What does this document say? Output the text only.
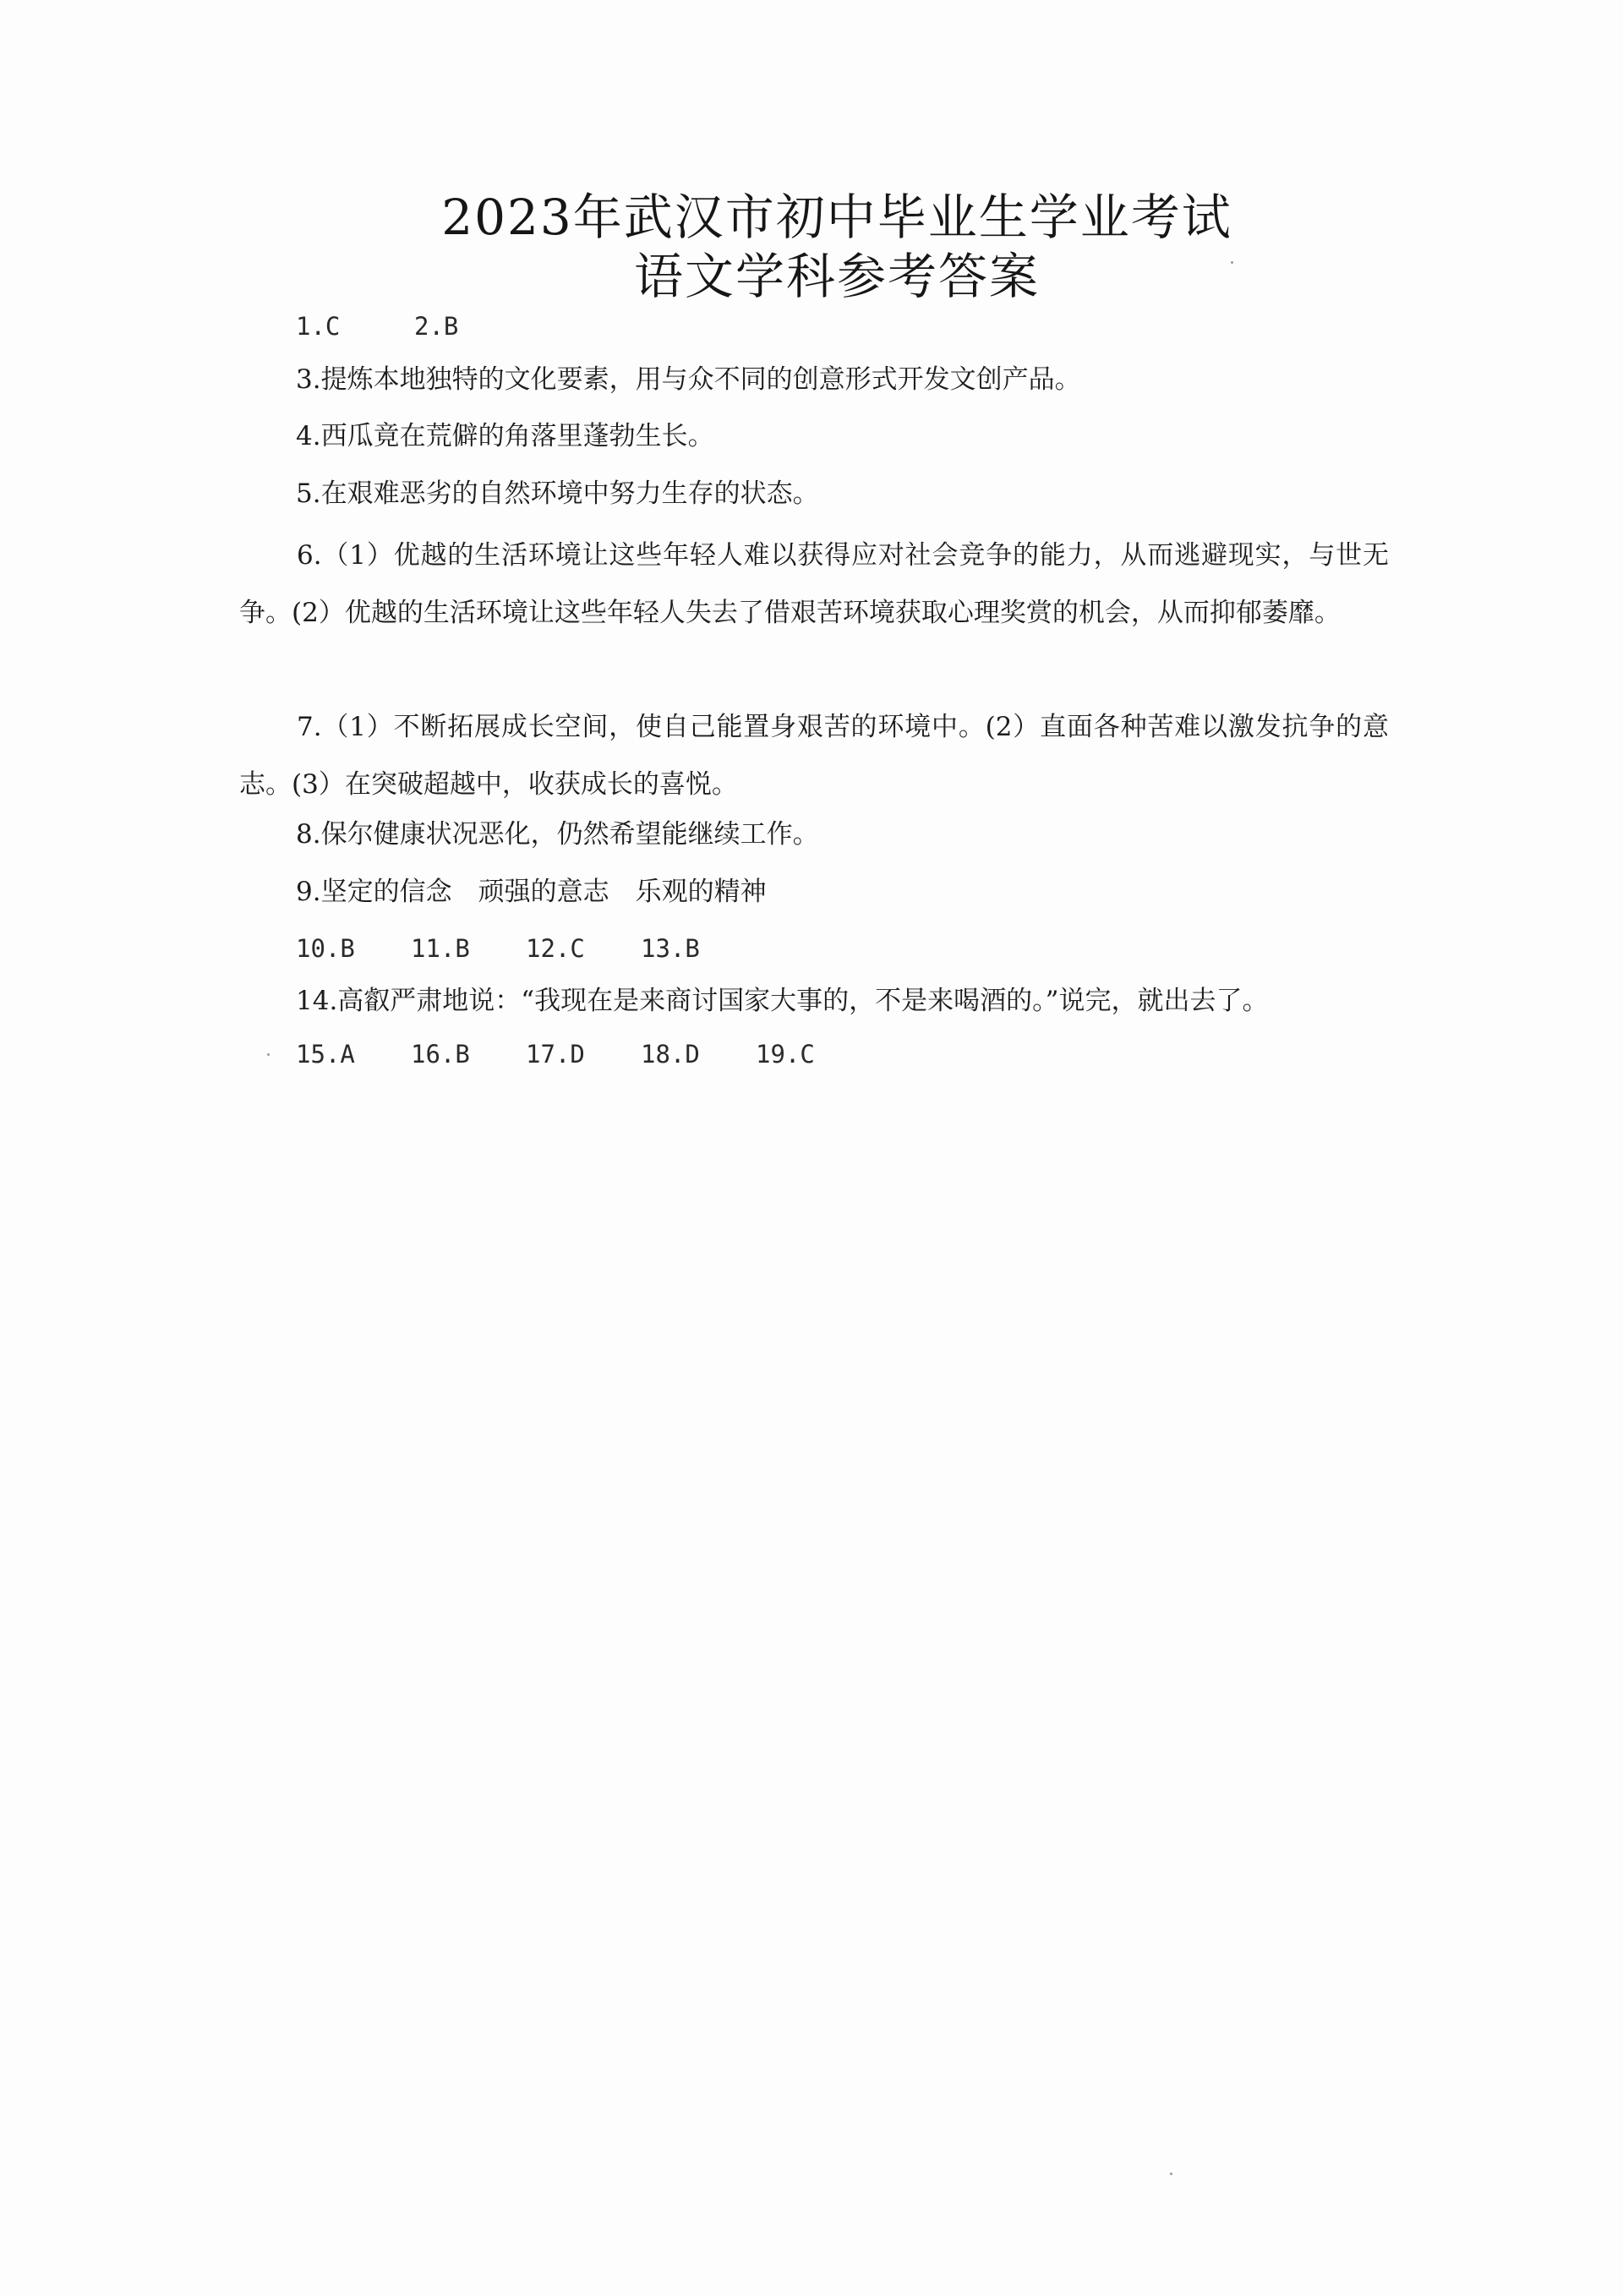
2023年武汉市初中毕业生学业考试
语文学科参考答案
1.C	2.B
3.提炼本地独特的文化要素，用与众不同的创意形式开发文创产品。
4.西瓜竟在荒僻的角落里蓬勃生长。
5.在艰难恶劣的自然环境中努力生存的状态。
6.（1）优越的生活环境让这些年轻人难以获得应对社会竞争的能力，从而逃避现实，与世无争。(2）优越的生活环境让这些年轻人失去了借艰苦环境获取心理奖赏的机会，从而抑郁萎靡。
7.（1）不断拓展成长空间，使自己能置身艰苦的环境中。(2）直面各种苦难以激发抗争的意志。(3）在突破超越中，收获成长的喜悦。
8.保尔健康状况恶化，仍然希望能继续工作。
9.坚定的信念　顽强的意志　乐观的精神
10.B 11.B 12.C 13.B
14.高叡严肃地说：“我现在是来商讨国家大事的，不是来喝酒的。”说完，就出去了。
15.A 16.B 17.D 18.D 19.C
